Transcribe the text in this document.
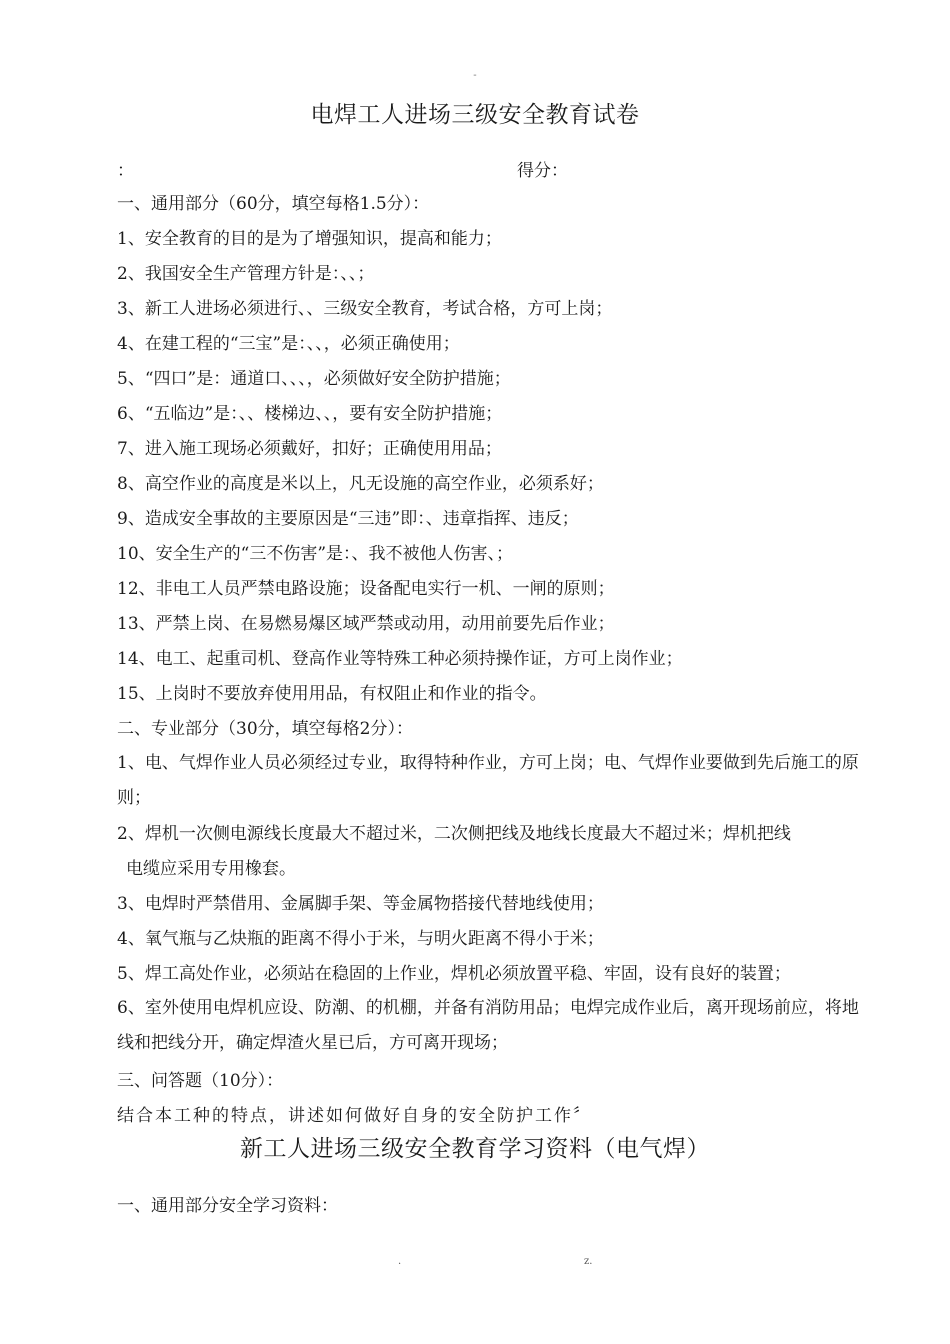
-
电焊工人进场三级安全教育试卷
：	得分：
一、通用部分（60分，填空每格1.5分）：
1、安全教育的目的是为了增强知识，提高和能力；
2、我国安全生产管理方针是：、、；
3、新工人进场必须进行、、三级安全教育，考试合格，方可上岗；
4、在建工程的“三宝”是：、、，必须正确使用；
5、“四口”是：通道口、、、，必须做好安全防护措施；
6、“五临边”是：、、楼梯边、、，要有安全防护措施；
7、进入施工现场必须戴好，扣好；正确使用用品；
8、高空作业的高度是米以上，凡无设施的高空作业，必须系好；
9、造成安全事故的主要原因是“三违”即：、违章指挥、违反；
10、安全生产的“三不伤害”是：、我不被他人伤害、；
12、非电工人员严禁电路设施；设备配电实行一机、一闸的原则；
13、严禁上岗、在易燃易爆区域严禁或动用，动用前要先后作业；
14、电工、起重司机、登高作业等特殊工种必须持操作证，方可上岗作业；
15、上岗时不要放弃使用用品，有权阻止和作业的指令。
二、专业部分（30分，填空每格2分）：
1、电、气焊作业人员必须经过专业，取得特种作业，方可上岗；电、气焊作业要做到先后施工的原则；
2、焊机一次侧电源线长度最大不超过米，二次侧把线及地线长度最大不超过米；焊机把线
电缆应采用专用橡套。
3、电焊时严禁借用、金属脚手架、等金属物搭接代替地线使用；
4、氧气瓶与乙炔瓶的距离不得小于米，与明火距离不得小于米；
5、焊工高处作业，必须站在稳固的上作业，焊机必须放置平稳、牢固，设有良好的装置；
6、室外使用电焊机应设、防潮、的机棚，并备有消防用品；电焊完成作业后，离开现场前应，将地线和把线分开，确定焊渣火星已后，方可离开现场；
三、问答题（10分）：
结合本工种的特点，讲述如何做好自身的安全防护工作〞
新工人进场三级安全教育学习资料（电气焊）
一、通用部分安全学习资料：
.	z.
